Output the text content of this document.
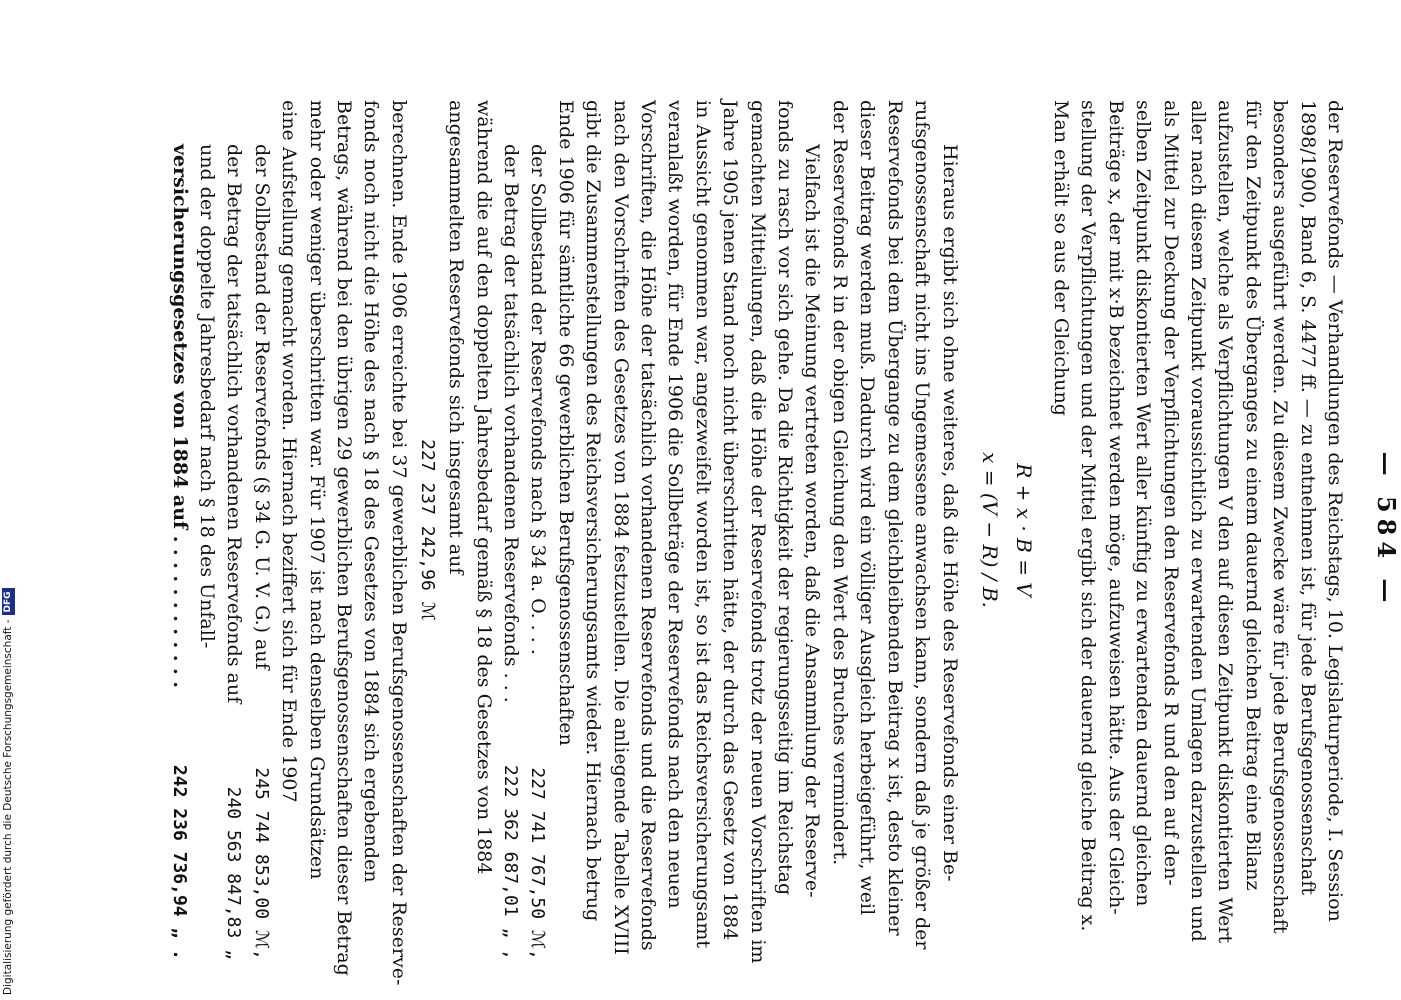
— 584 —

der Reservefonds — Verhandlungen des Reichstags, 10. Legislaturperiode, I. Session
1898/1900, Band 6, S. 4477 ff. — zu entnehmen ist, für jede Berufsgenossenschaft
besonders ausgeführt werden. Zu diesem Zwecke wäre für jede Berufsgenossenschaft
für den Zeitpunkt des Überganges zu einem dauernd gleichen Beitrag eine Bilanz
aufzustellen, welche als Verpflichtungen V den auf diesen Zeitpunkt diskontierten Wert
aller nach diesem Zeitpunkt voraussichtlich zu erwartenden Umlagen darzustellen und
als Mittel zur Deckung der Verpflichtungen den Reservefonds R und den auf den-
selben Zeitpunkt diskontierten Wert aller künftig zu erwartenden dauernd gleichen
Beiträge x, der mit x·B bezeichnet werden möge, aufzuweisen hätte. Aus der Gleich-
stellung der Verpflichtungen und der Mittel ergibt sich der dauernd gleiche Beitrag x.
Man erhält so aus der Gleichung

R + x · B = V
x = (V − R) / B.

Hieraus ergibt sich ohne weiteres, daß die Höhe des Reservefonds einer Be-
rufsgenossenschaft nicht ins Ungemessene anwachsen kann, sondern daß je größer der
Reservefonds bei dem Übergange zu dem gleichbleibenden Beitrag x ist, desto kleiner
dieser Beitrag werden muß. Dadurch wird ein völliger Ausgleich herbeigeführt, weil
der Reservefonds R in der obigen Gleichung den Wert des Bruches vermindert.

Vielfach ist die Meinung vertreten worden, daß die Ansammlung der Reserve-
fonds zu rasch vor sich gehe. Da die Richtigkeit der regierungsseitig im Reichstag
gemachten Mitteilungen, daß die Höhe der Reservefonds trotz der neuen Vorschriften im
Jahre 1905 jenen Stand noch nicht überschritten hätte, der durch das Gesetz von 1884
in Aussicht genommen war, angezweifelt worden ist, so ist das Reichsversicherungsamt
veranlaßt worden, für Ende 1906 die Sollbeträge der Reservefonds nach den neuen
Vorschriften, die Höhe der tatsächlich vorhandenen Reservefonds und die Reservefonds
nach den Vorschriften des Gesetzes von 1884 festzustellen. Die anliegende Tabelle XVIII
gibt die Zusammenstellungen des Reichsversicherungsamts wieder. Hiernach betrug
Ende 1906 für sämtliche 66 gewerblichen Berufsgenossenschaften

der Sollbestand der Reservefonds nach § 34 a. O. . . .
227 741 767,50 ℳ,
der Betrag der tatsächlich vorhandenen Reservefonds . . .
222 362 687,01 „ ,

während die auf den doppelten Jahresbedarf gemäß § 18 des Gesetzes von 1884
angesammelten Reservefonds sich insgesamt auf

227 237 242,96 ℳ

berechnen. Ende 1906 erreichte bei 37 gewerblichen Berufsgenossenschaften der Reserve-
fonds noch nicht die Höhe des nach § 18 des Gesetzes von 1884 sich ergebenden
Betrags, während bei den übrigen 29 gewerblichen Berufsgenossenschaften dieser Betrag
mehr oder weniger überschritten war. Für 1907 ist nach denselben Grundsätzen
eine Aufstellung gemacht worden. Hiernach beziffert sich für Ende 1907

der Sollbestand der Reservefonds (§ 34 G. U. V. G.) auf
245 744 853,00 ℳ,
der Betrag der tatsächlich vorhandenen Reservefonds auf
240 563 847,83 „
und der doppelte Jahresbedarf nach § 18 des Unfall-
versicherungsgesetzes von 1884 auf . . . . . . . . . . . .
242 236 736,94 „ .
Digitalisierung gefördert durch die Deutsche Forschungsgemeinschaft -
DFG
